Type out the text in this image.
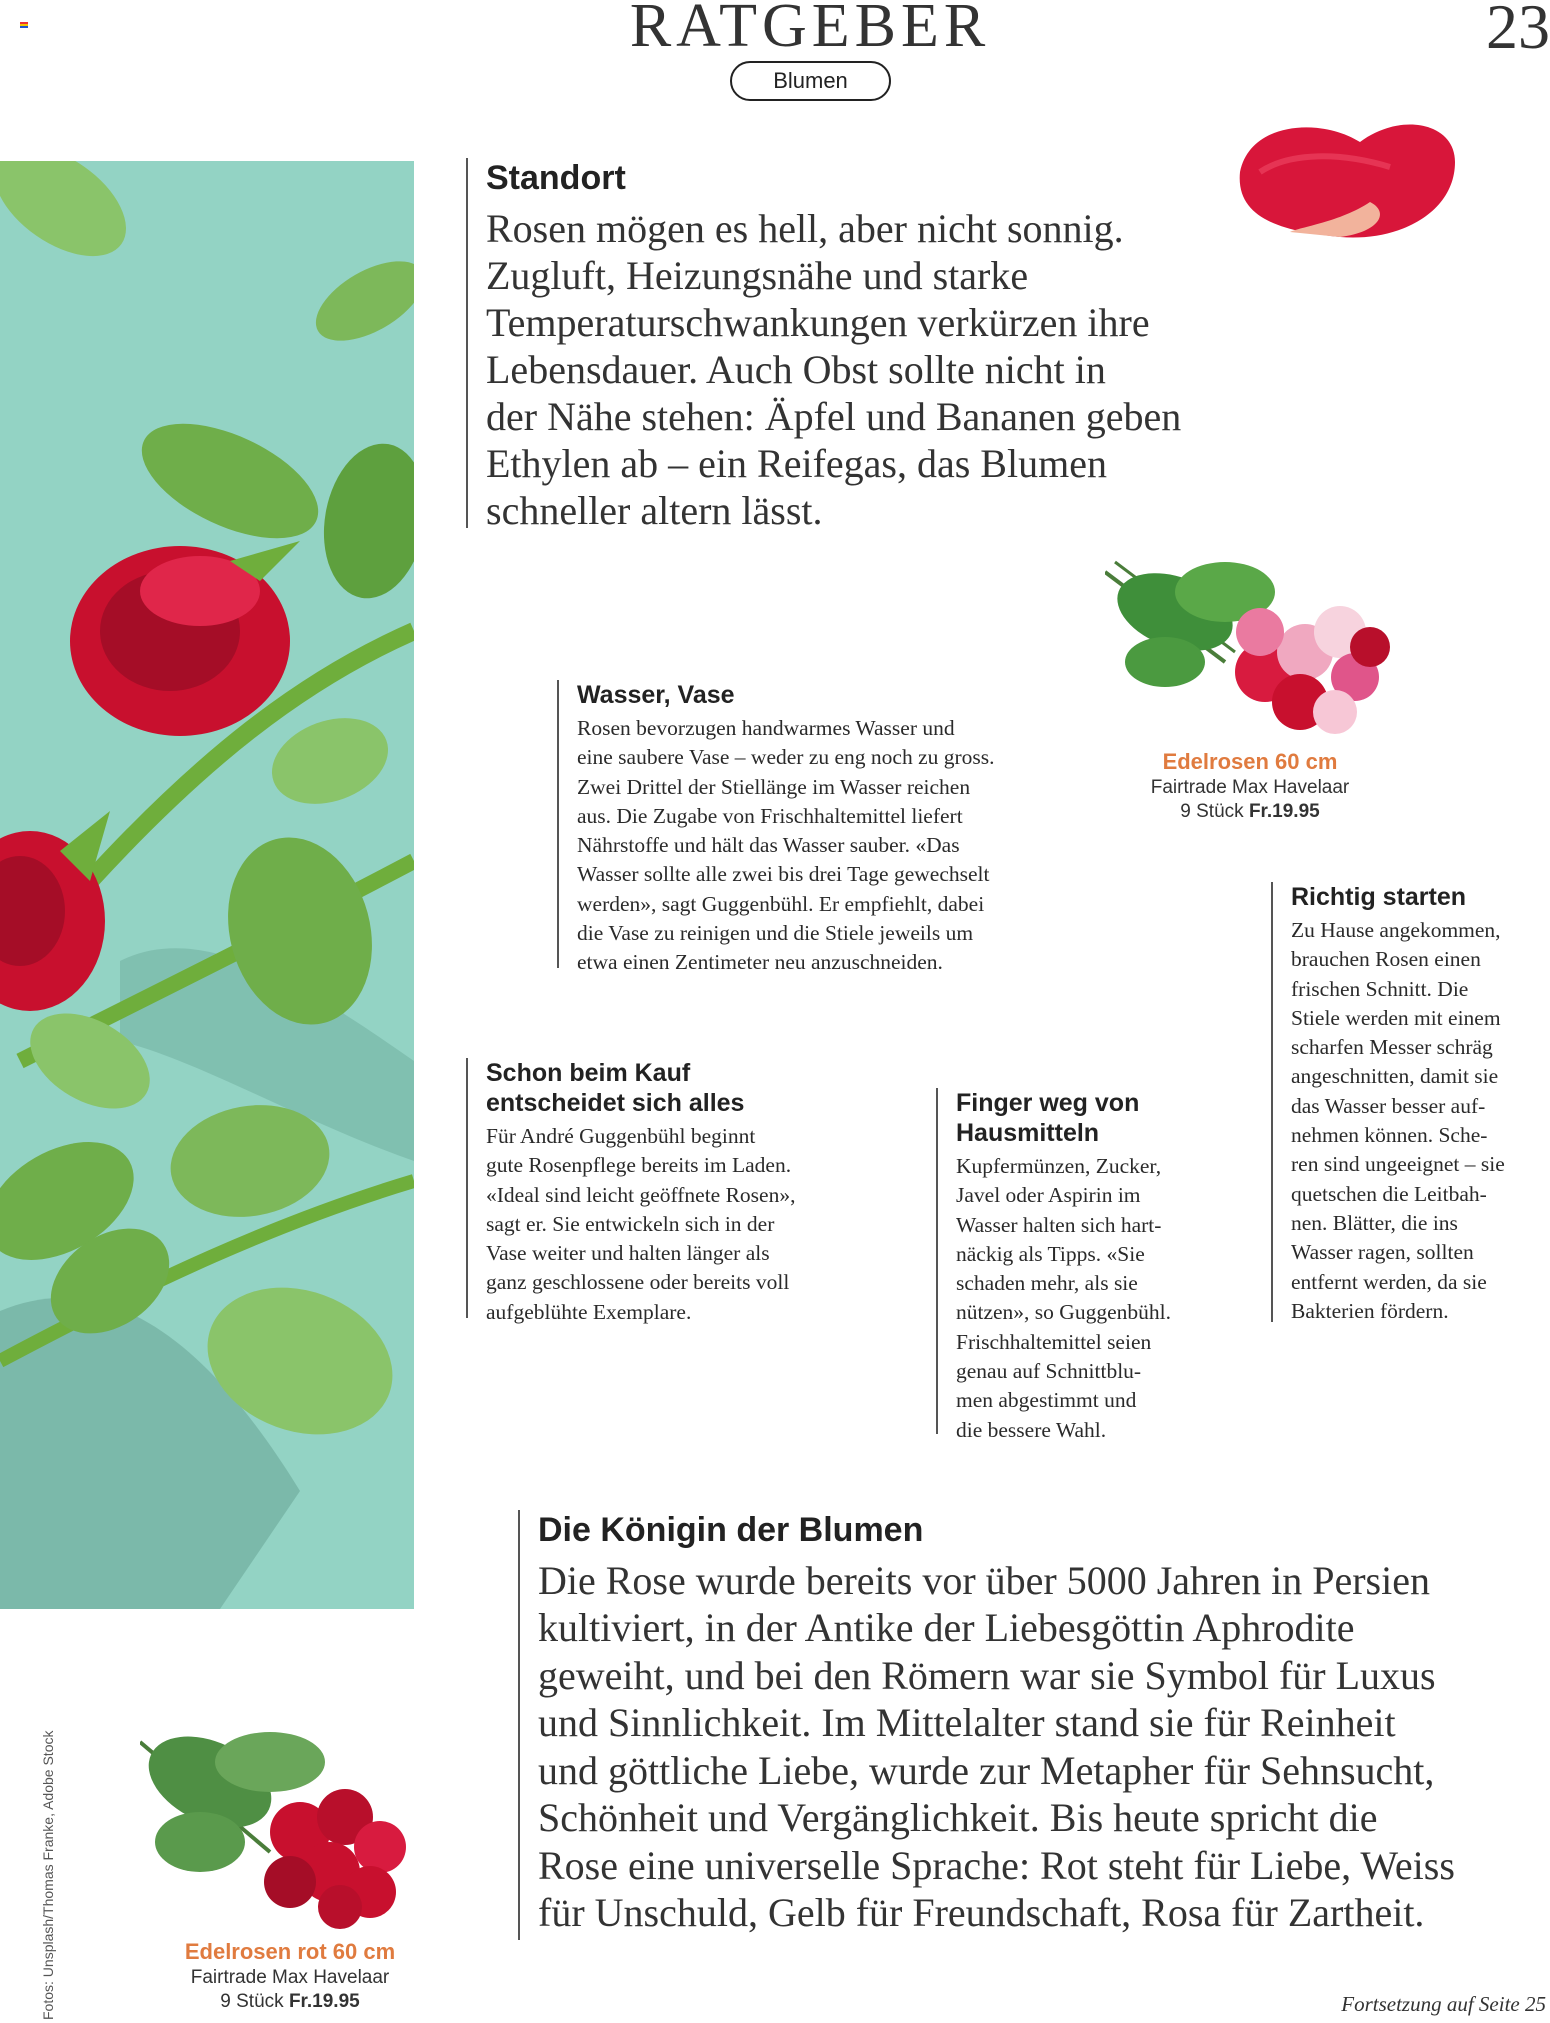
RATGEBER	23
Blumen
Fotos: Unsplash/Thomas Franke, Adobe Stock
Standort

Rosen mögen es hell, aber nicht sonnig.
Zugluft, Heizungsnähe und starke
Temperaturschwankungen verkürzen ihre
Lebensdauer. Auch Obst sollte nicht in
der Nähe stehen: Äpfel und Bananen geben
Ethylen ab – ein Reifegas, das Blumen
schneller altern lässt.

Edelrosen 60 cm
Fairtrade Max Havelaar
9 Stück Fr.19.95
Wasser, Vase

Rosen bevorzugen handwarmes Wasser und
eine saubere Vase – weder zu eng noch zu gross.
Zwei Drittel der Stiellänge im Wasser reichen
aus. Die Zugabe von Frischhaltemittel liefert
Nährstoffe und hält das Wasser sauber. «Das
Wasser sollte alle zwei bis drei Tage gewechselt
werden», sagt Guggenbühl. Er empfiehlt, dabei
die Vase zu reinigen und die Stiele jeweils um
etwa einen Zentimeter neu anzuschneiden.

Richtig starten

Zu Hause angekommen,
brauchen Rosen einen
frischen Schnitt. Die
Stiele werden mit einem
scharfen Messer schräg
angeschnitten, damit sie
das Wasser besser auf-
nehmen können. Sche-
ren sind ungeeignet – sie
quetschen die Leitbah-
nen. Blätter, die ins
Wasser ragen, sollten
entfernt werden, da sie
Bakterien fördern.

Schon beim Kauf
entscheidet sich alles

Für André Guggenbühl beginnt
gute Rosenpflege bereits im Laden.
«Ideal sind leicht geöffnete Rosen»,
sagt er. Sie entwickeln sich in der
Vase weiter und halten länger als
ganz geschlossene oder bereits voll
aufgeblühte Exemplare.

Finger weg von
Hausmitteln

Kupfermünzen, Zucker,
Javel oder Aspirin im
Wasser halten sich hart-
näckig als Tipps. «Sie
schaden mehr, als sie
nützen», so Guggenbühl.
Frischhaltemittel seien
genau auf Schnittblu-
men abgestimmt und
die bessere Wahl.

Die Königin der Blumen

Die Rose wurde bereits vor über 5000 Jahren in Persien
kultiviert, in der Antike der Liebesgöttin Aphrodite
geweiht, und bei den Römern war sie Symbol für Luxus
und Sinnlichkeit. Im Mittelalter stand sie für Reinheit
und göttliche Liebe, wurde zur Metapher für Sehnsucht,
Schönheit und Vergänglichkeit. Bis heute spricht die
Rose eine universelle Sprache: Rot steht für Liebe, Weiss
für Unschuld, Gelb für Freundschaft, Rosa für Zartheit.

Edelrosen rot 60 cm
Fairtrade Max Havelaar
9 Stück Fr.19.95	Fortsetzung auf Seite 25
